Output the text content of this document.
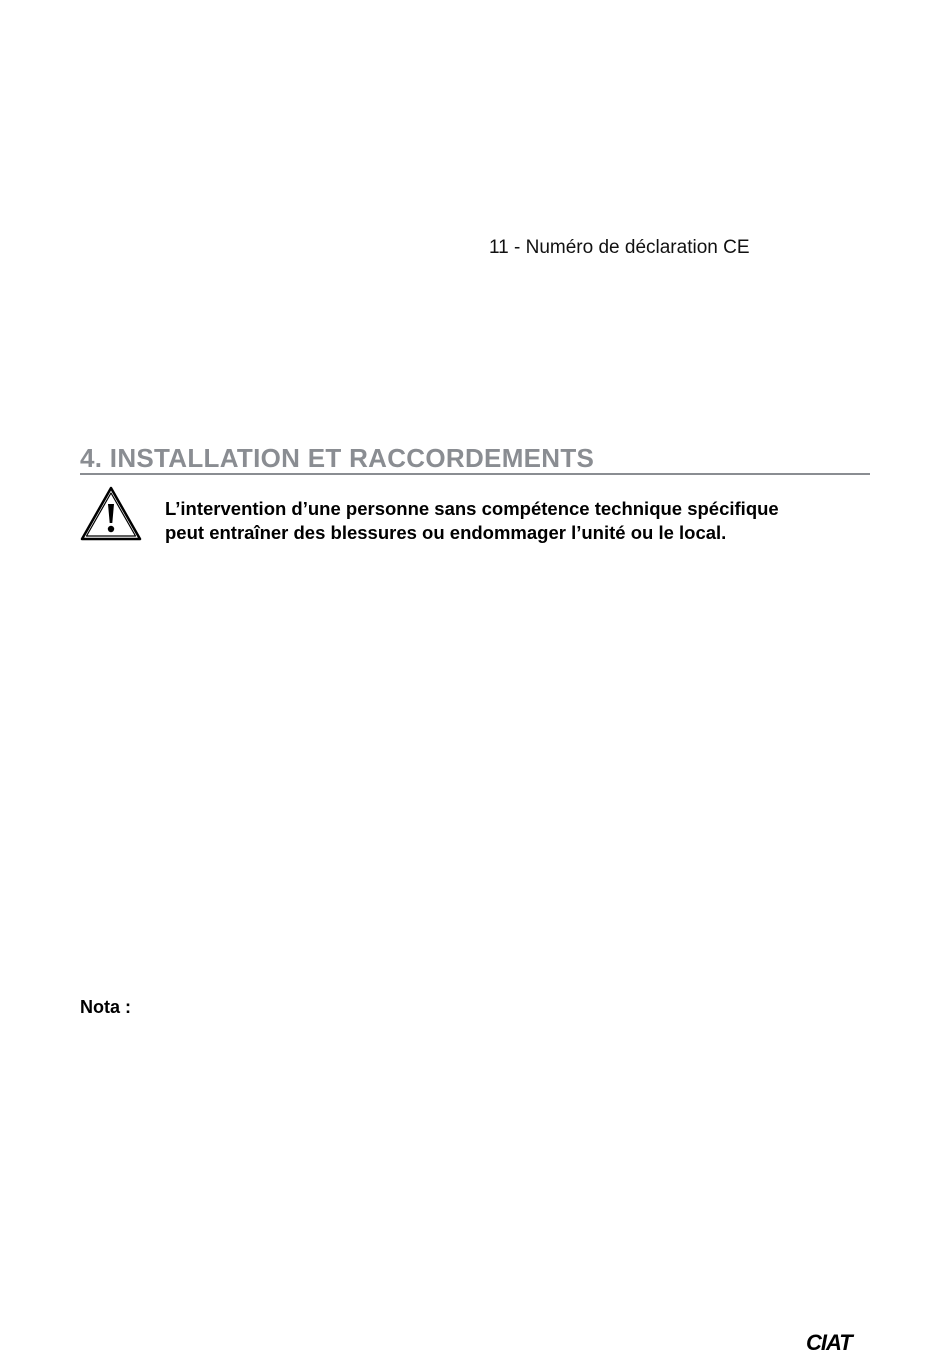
11 - Numéro de déclaration CE
4. INSTALLATION ET RACCORDEMENTS
L’intervention d’une personne sans compétence technique spécifique
peut entraîner des blessures ou endommager l’unité ou le local.
Nota :
CIAT
